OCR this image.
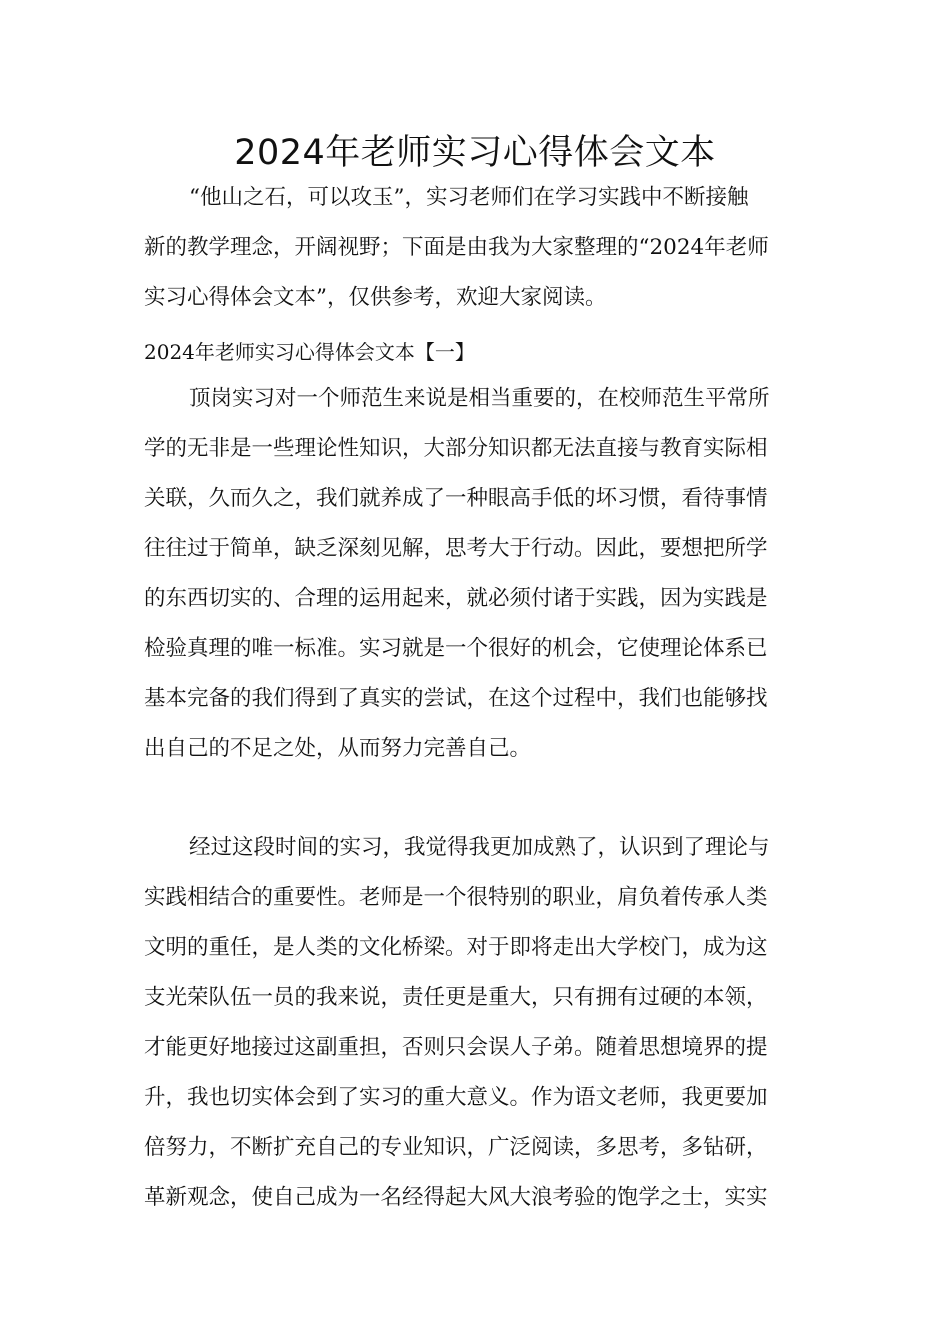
2024年老师实习心得体会文本
“他山之石，可以攻玉”，实习老师们在学习实践中不断接触
新的教学理念，开阔视野；下面是由我为大家整理的“2024年老师
实习心得体会文本”，仅供参考，欢迎大家阅读。
2024年老师实习心得体会文本【一】
顶岗实习对一个师范生来说是相当重要的，在校师范生平常所
学的无非是一些理论性知识，大部分知识都无法直接与教育实际相
关联，久而久之，我们就养成了一种眼高手低的坏习惯，看待事情
往往过于简单，缺乏深刻见解，思考大于行动。因此，要想把所学
的东西切实的、合理的运用起来，就必须付诸于实践，因为实践是
检验真理的唯一标准。实习就是一个很好的机会，它使理论体系已
基本完备的我们得到了真实的尝试，在这个过程中，我们也能够找
出自己的不足之处，从而努力完善自己。
经过这段时间的实习，我觉得我更加成熟了，认识到了理论与
实践相结合的重要性。老师是一个很特别的职业，肩负着传承人类
文明的重任，是人类的文化桥梁。对于即将走出大学校门，成为这
支光荣队伍一员的我来说，责任更是重大，只有拥有过硬的本领，
才能更好地接过这副重担，否则只会误人子弟。随着思想境界的提
升，我也切实体会到了实习的重大意义。作为语文老师，我更要加
倍努力，不断扩充自己的专业知识，广泛阅读，多思考，多钻研，
革新观念，使自己成为一名经得起大风大浪考验的饱学之士，实实
